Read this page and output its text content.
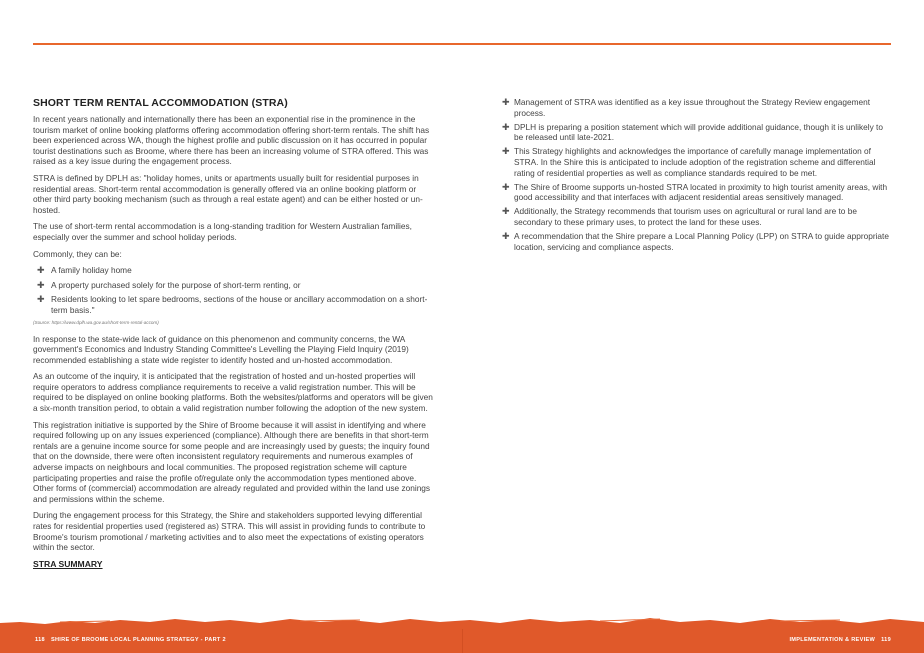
SHORT TERM RENTAL ACCOMMODATION (STRA)

In recent years nationally and internationally there has been an exponential rise in the prominence in the tourism market of online booking platforms offering accommodation offering short-term rentals. The shift has been experienced across WA, though the highest profile and public discussion on it has occurred in popular tourist destinations such as Broome, where there has been an increasing volume of STRA offered. This was raised as a key issue during the engagement process.

STRA is defined by DPLH as: "holiday homes, units or apartments usually built for residential purposes in residential areas. Short-term rental accommodation is generally offered via an online booking platform or other third party booking mechanism (such as through a real estate agent) and can be either hosted or un-hosted.

The use of short-term rental accommodation is a long-standing tradition for Western Australian families, especially over the summer and school holiday periods.

Commonly, they can be:

✚ A family holiday home
✚ A property purchased solely for the purpose of short-term renting, or
✚ Residents looking to let spare bedrooms, sections of the house or ancillary accommodation on a short-term basis."
(Source: https://www.dplh.wa.gov.au/short-term-rental-accom)

In response to the state-wide lack of guidance on this phenomenon and community concerns, the WA government's Economics and Industry Standing Committee's Levelling the Playing Field Inquiry (2019) recommended establishing a state wide register to identify hosted and un-hosted accommodation.

As an outcome of the inquiry, it is anticipated that the registration of hosted and un-hosted properties will require operators to address compliance requirements to receive a valid registration number. This will be required to be displayed on online booking platforms. Both the websites/platforms and operators will be given a six-month transition period, to obtain a valid registration number following the adoption of the new system.

This registration initiative is supported by the Shire of Broome because it will assist in identifying and where required following up on any issues experienced (compliance). Although there are benefits in that short-term rentals are a genuine income source for some people and are increasingly used by guests; the inquiry found that on the downside, there were often inconsistent regulatory requirements and numerous examples of adverse impacts on neighbours and local communities. The proposed registration scheme will capture participating properties and raise the profile of/regulate only the accommodation types mentioned above. Other forms of (commercial) accommodation are already regulated and provided within the land use zonings and permissions within the scheme.

During the engagement process for this Strategy, the Shire and stakeholders supported levying differential rates for residential properties used (registered as) STRA. This will assist in providing funds to contribute to Broome's tourism promotional / marketing activities and to also meet the expectations of existing operators within the sector.

STRA SUMMARY
✚ Management of STRA was identified as a key issue throughout the Strategy Review engagement process.
✚ DPLH is preparing a position statement which will provide additional guidance, though it is unlikely to be released until late-2021.
✚ This Strategy highlights and acknowledges the importance of carefully manage implementation of STRA. In the Shire this is anticipated to include adoption of the registration scheme and differential rating of residential properties as well as compliance standards required to be met.
✚ The Shire of Broome supports un-hosted STRA located in proximity to high tourist amenity areas, with good accessibility and that interfaces with adjacent residential areas sensitively managed.
✚ Additionally, the Strategy recommends that tourism uses on agricultural or rural land are to be secondary to these primary uses, to protect the land for these uses.
✚ A recommendation that the Shire prepare a Local Planning Policy (LPP) on STRA to guide appropriate location, servicing and compliance aspects.
118 SHIRE OF BROOME LOCAL PLANNING STRATEGY - PART 2	IMPLEMENTATION & REVIEW 119
